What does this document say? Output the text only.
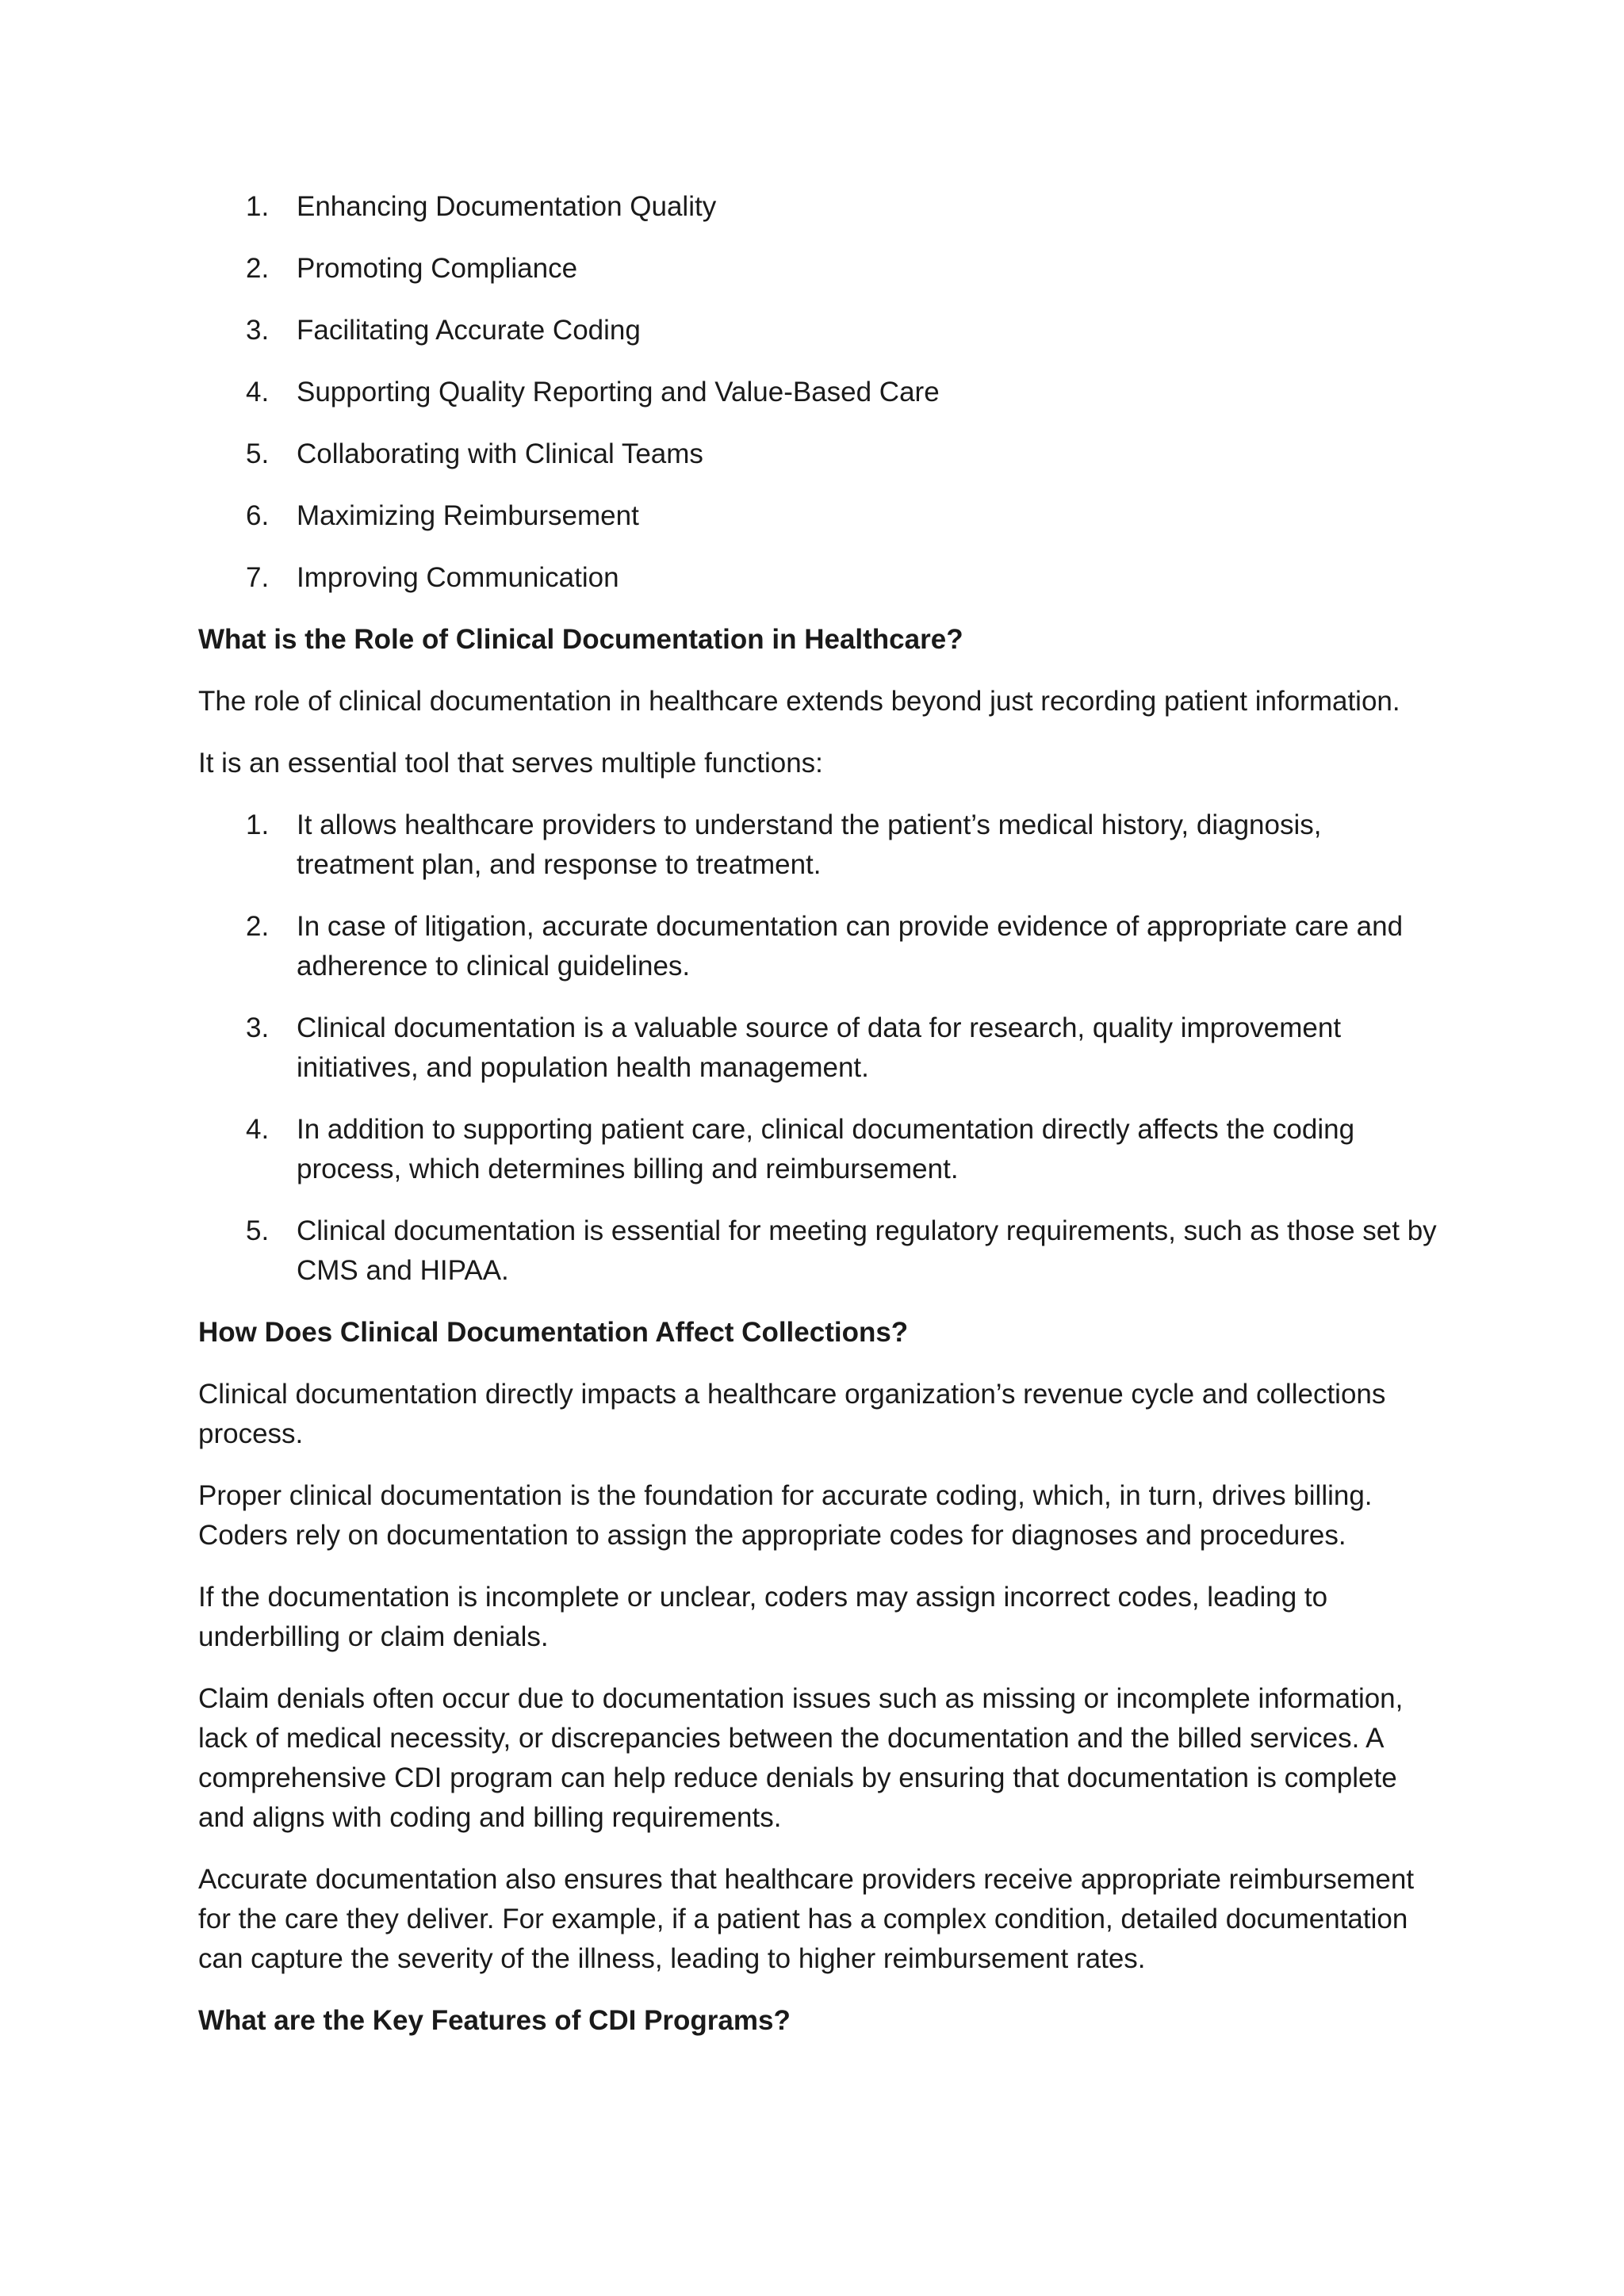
1. Enhancing Documentation Quality
2. Promoting Compliance
3. Facilitating Accurate Coding
4. Supporting Quality Reporting and Value-Based Care
5. Collaborating with Clinical Teams
6. Maximizing Reimbursement
7. Improving Communication

What is the Role of Clinical Documentation in Healthcare?

The role of clinical documentation in healthcare extends beyond just recording patient information.

It is an essential tool that serves multiple functions:

1. It allows healthcare providers to understand the patient’s medical history, diagnosis, treatment plan, and response to treatment.
2. In case of litigation, accurate documentation can provide evidence of appropriate care and adherence to clinical guidelines.
3. Clinical documentation is a valuable source of data for research, quality improvement initiatives, and population health management.
4. In addition to supporting patient care, clinical documentation directly affects the coding process, which determines billing and reimbursement.
5. Clinical documentation is essential for meeting regulatory requirements, such as those set by CMS and HIPAA.

How Does Clinical Documentation Affect Collections?

Clinical documentation directly impacts a healthcare organization’s revenue cycle and collections process.

Proper clinical documentation is the foundation for accurate coding, which, in turn, drives billing. Coders rely on documentation to assign the appropriate codes for diagnoses and procedures.

If the documentation is incomplete or unclear, coders may assign incorrect codes, leading to underbilling or claim denials.

Claim denials often occur due to documentation issues such as missing or incomplete information, lack of medical necessity, or discrepancies between the documentation and the billed services. A comprehensive CDI program can help reduce denials by ensuring that documentation is complete and aligns with coding and billing requirements.

Accurate documentation also ensures that healthcare providers receive appropriate reimbursement for the care they deliver. For example, if a patient has a complex condition, detailed documentation can capture the severity of the illness, leading to higher reimbursement rates.

What are the Key Features of CDI Programs?
